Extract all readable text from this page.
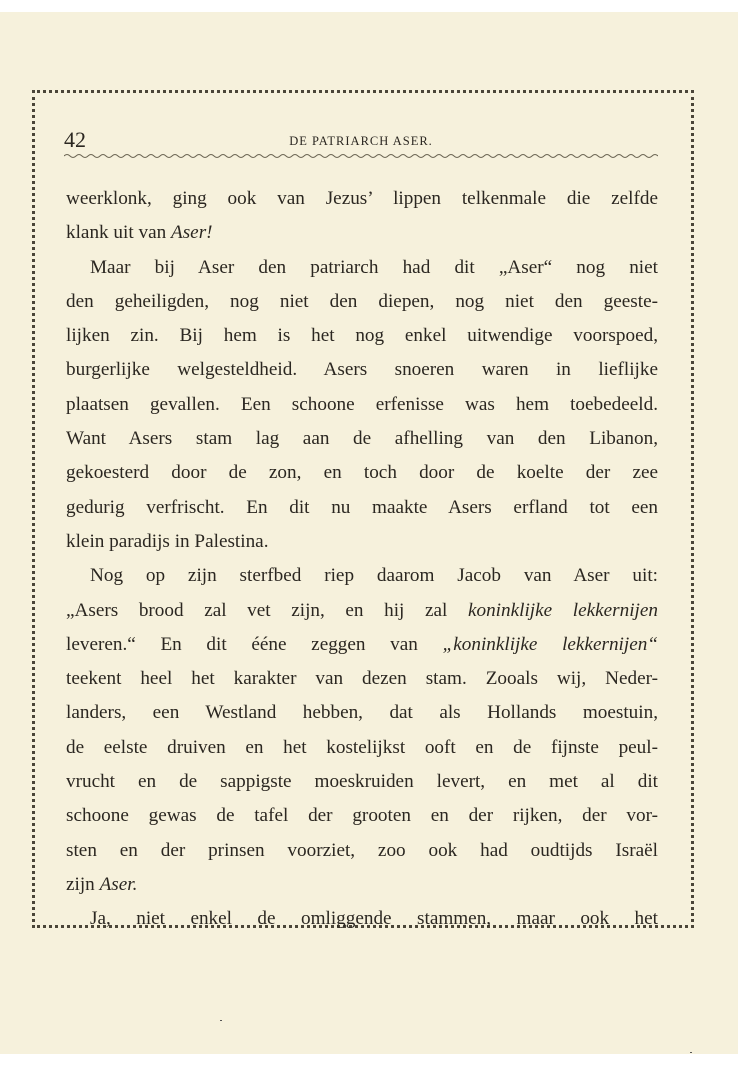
42	DE PATRIARCH ASER.

weerklonk, ging ook van Jezus’ lippen telkenmale die zelfde
klank uit van Aser!

Maar bij Aser den patriarch had dit „Aser“ nog niet
den geheiligden, nog niet den diepen, nog niet den geeste-
lijken zin. Bij hem is het nog enkel uitwendige voorspoed,
burgerlijke welgesteldheid. Asers snoeren waren in lieflijke
plaatsen gevallen. Een schoone erfenisse was hem toebedeeld.
Want Asers stam lag aan de afhelling van den Libanon,
gekoesterd door de zon, en toch door de koelte der zee
gedurig verfrischt. En dit nu maakte Asers erfland tot een
klein paradijs in Palestina.

Nog op zijn sterfbed riep daarom Jacob van Aser uit:
„Asers brood zal vet zijn, en hij zal koninklijke lekkernijen
leveren.“ En dit ééne zeggen van „koninklijke lekkernijen“
teekent heel het karakter van dezen stam. Zooals wij, Neder-
landers, een Westland hebben, dat als Hollands moestuin,
de eelste druiven en het kostelijkst ooft en de fijnste peul-
vrucht en de sappigste moeskruiden levert, en met al dit
schoone gewas de tafel der grooten en der rijken, der vor-
sten en der prinsen voorziet, zoo ook had oudtijds Israël
zijn Aser.

Ja, niet enkel de omliggende stammen, maar ook het
